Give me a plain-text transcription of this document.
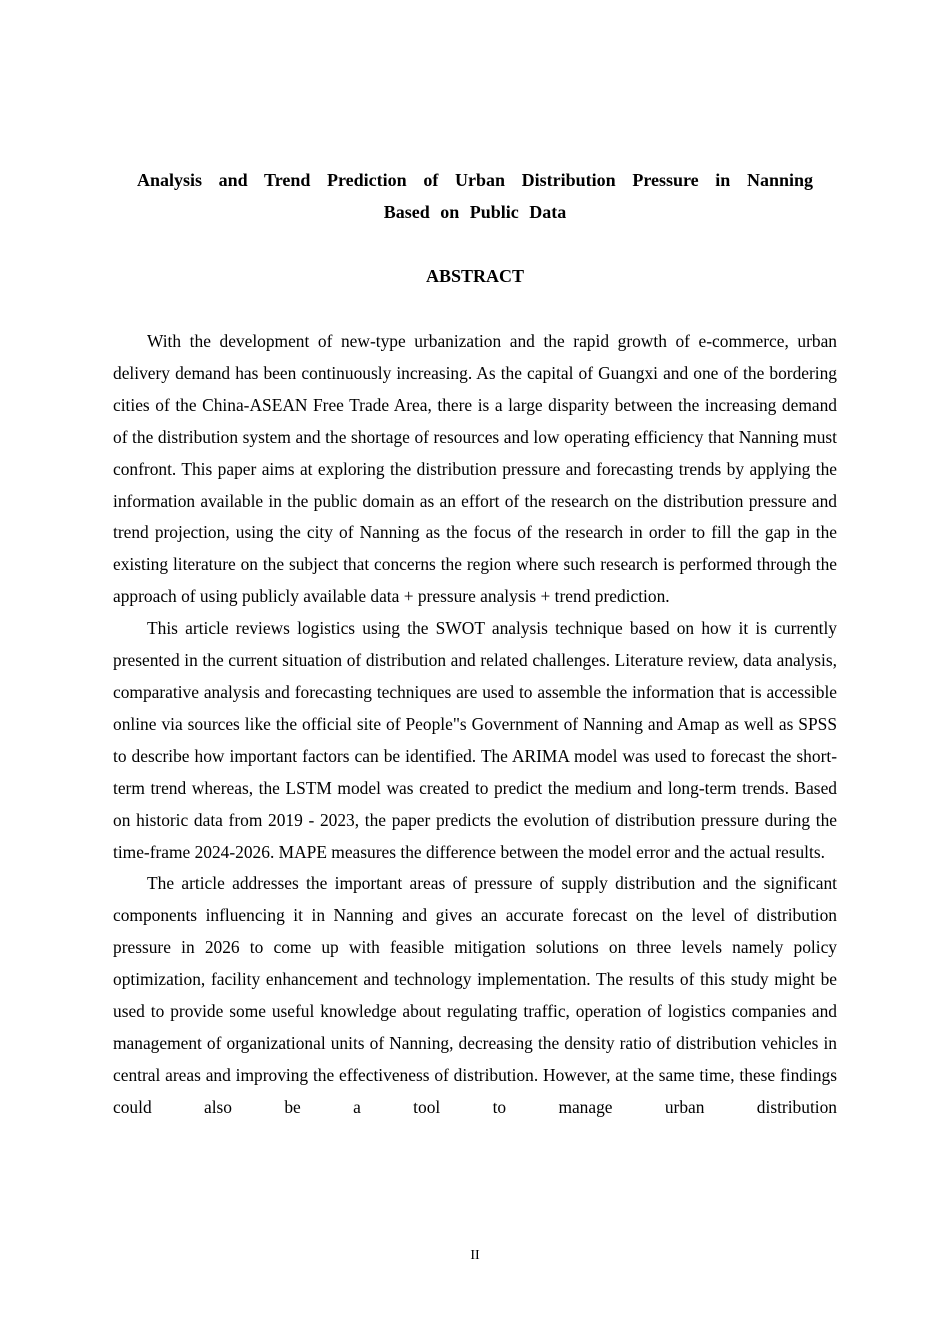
Analysis and Trend Prediction of Urban Distribution Pressure in Nanning
Based on Public Data
ABSTRACT

With the development of new-type urbanization and the rapid growth of e-commerce, urban delivery demand has been continuously increasing. As the capital of Guangxi and one of the bordering cities of the China-ASEAN Free Trade Area, there is a large disparity between the increasing demand of the distribution system and the shortage of resources and low operating efficiency that Nanning must confront. This paper aims at exploring the distribution pressure and forecasting trends by applying the information available in the public domain as an effort of the research on the distribution pressure and trend projection, using the city of Nanning as the focus of the research in order to fill the gap in the existing literature on the subject that concerns the region where such research is performed through the approach of using publicly available data + pressure analysis + trend prediction.

This article reviews logistics using the SWOT analysis technique based on how it is currently presented in the current situation of distribution and related challenges. Literature review, data analysis, comparative analysis and forecasting techniques are used to assemble the information that is accessible online via sources like the official site of People"s Government of Nanning and Amap as well as SPSS to describe how important factors can be identified. The ARIMA model was used to forecast the short-term trend whereas, the LSTM model was created to predict the medium and long-term trends. Based on historic data from 2019 - 2023, the paper predicts the evolution of distribution pressure during the time-frame 2024-2026. MAPE measures the difference between the model error and the actual results.

The article addresses the important areas of pressure of supply distribution and the significant components influencing it in Nanning and gives an accurate forecast on the level of distribution pressure in 2026 to come up with feasible mitigation solutions on three levels namely policy optimization, facility enhancement and technology implementation. The results of this study might be used to provide some useful knowledge about regulating traffic, operation of logistics companies and management of organizational units of Nanning, decreasing the density ratio of distribution vehicles in central areas and improving the effectiveness of distribution. However, at the same time, these findings could also be a tool to manage urban distribution

II
